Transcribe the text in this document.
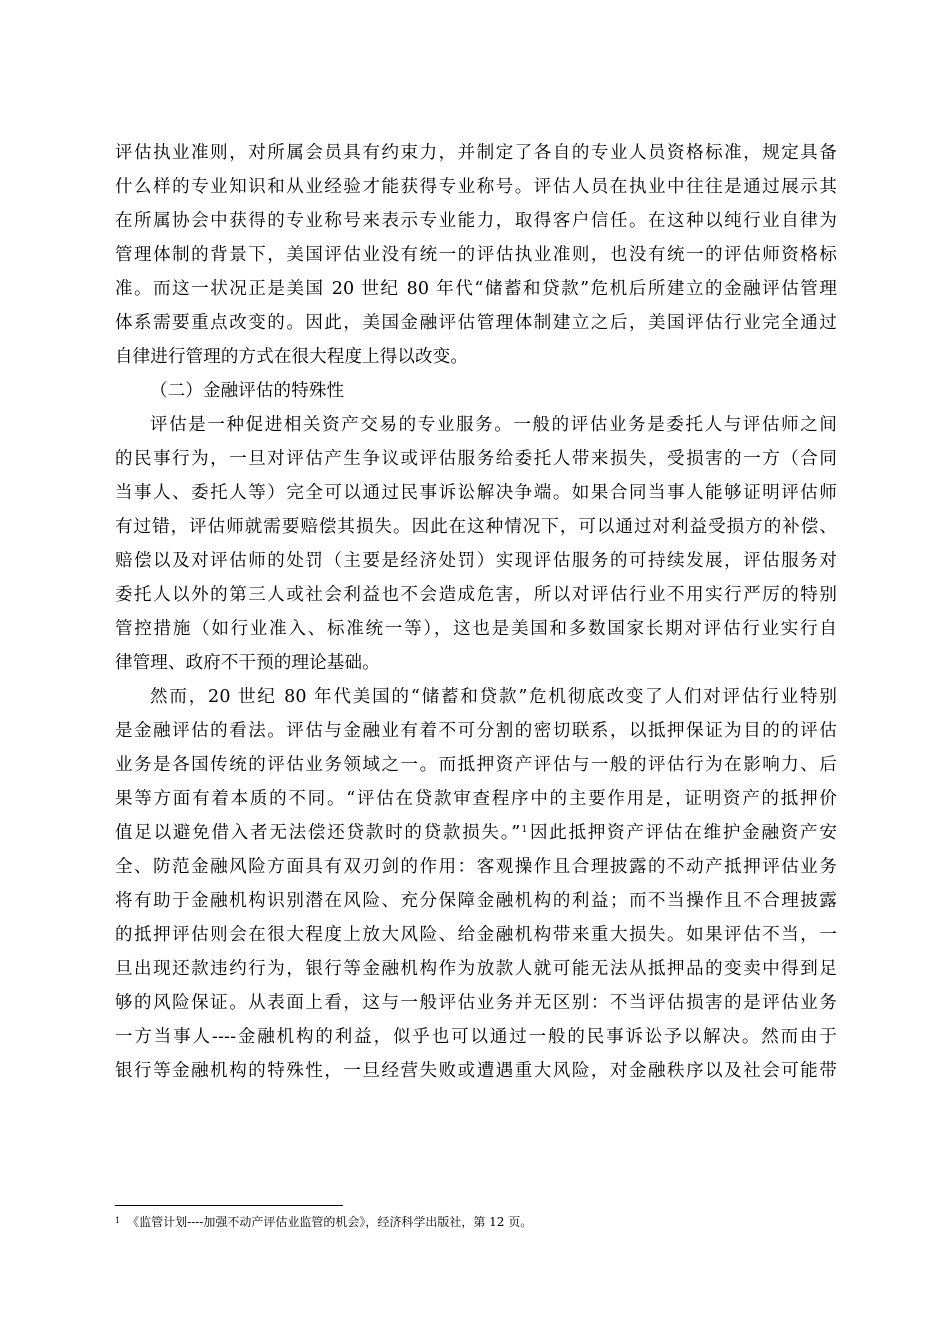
评估执业准则，对所属会员具有约束力，并制定了各自的专业人员资格标准，规定具备
什么样的专业知识和从业经验才能获得专业称号。评估人员在执业中往往是通过展示其
在所属协会中获得的专业称号来表示专业能力，取得客户信任。在这种以纯行业自律为
管理体制的背景下，美国评估业没有统一的评估执业准则，也没有统一的评估师资格标
准。而这一状况正是美国 20 世纪 80 年代“储蓄和贷款”危机后所建立的金融评估管理
体系需要重点改变的。因此，美国金融评估管理体制建立之后，美国评估行业完全通过
自律进行管理的方式在很大程度上得以改变。
（二）金融评估的特殊性
评估是一种促进相关资产交易的专业服务。一般的评估业务是委托人与评估师之间
的民事行为，一旦对评估产生争议或评估服务给委托人带来损失，受损害的一方（合同
当事人、委托人等）完全可以通过民事诉讼解决争端。如果合同当事人能够证明评估师
有过错，评估师就需要赔偿其损失。因此在这种情况下，可以通过对利益受损方的补偿、
赔偿以及对评估师的处罚（主要是经济处罚）实现评估服务的可持续发展，评估服务对
委托人以外的第三人或社会利益也不会造成危害，所以对评估行业不用实行严厉的特别
管控措施（如行业准入、标准统一等），这也是美国和多数国家长期对评估行业实行自
律管理、政府不干预的理论基础。
然而，20 世纪 80 年代美国的“储蓄和贷款”危机彻底改变了人们对评估行业特别
是金融评估的看法。评估与金融业有着不可分割的密切联系，以抵押保证为目的的评估
业务是各国传统的评估业务领域之一。而抵押资产评估与一般的评估行为在影响力、后
果等方面有着本质的不同。“评估在贷款审查程序中的主要作用是，证明资产的抵押价
值足以避免借入者无法偿还贷款时的贷款损失。”$^1$因此抵押资产评估在维护金融资产安
全、防范金融风险方面具有双刃剑的作用：客观操作且合理披露的不动产抵押评估业务
将有助于金融机构识别潜在风险、充分保障金融机构的利益；而不当操作且不合理披露
的抵押评估则会在很大程度上放大风险、给金融机构带来重大损失。如果评估不当，一
旦出现还款违约行为，银行等金融机构作为放款人就可能无法从抵押品的变卖中得到足
够的风险保证。从表面上看，这与一般评估业务并无区别：不当评估损害的是评估业务
一方当事人----金融机构的利益，似乎也可以通过一般的民事诉讼予以解决。然而由于
银行等金融机构的特殊性，一旦经营失败或遭遇重大风险，对金融秩序以及社会可能带
$^1$ 《监管计划----加强不动产评估业监管的机会》，经济科学出版社，第 12 页。
